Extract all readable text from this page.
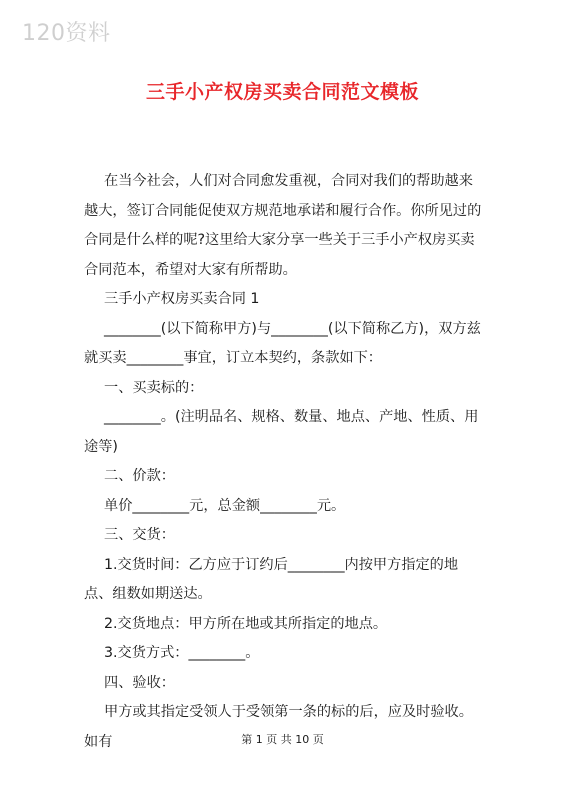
120资料
三手小产权房买卖合同范文模板

在当今社会，人们对合同愈发重视，合同对我们的帮助越来越大，签订合同能促使双方规范地承诺和履行合作。你所见过的合同是什么样的呢?这里给大家分享一些关于三手小产权房买卖合同范本，希望对大家有所帮助。

三手小产权房买卖合同 1

________(以下简称甲方)与________(以下简称乙方)，双方兹就买卖________事宜，订立本契约，条款如下：

一、买卖标的：

________。(注明品名、规格、数量、地点、产地、性质、用途等)

二、价款：

单价________元，总金额________元。

三、交货：

1.交货时间：乙方应于订约后________内按甲方指定的地点、组数如期送达。

2.交货地点：甲方所在地或其所指定的地点。

3.交货方式：________。

四、验收：

甲方或其指定受领人于受领第一条的标的后，应及时验收。如有	第 1 页 共 10 页
